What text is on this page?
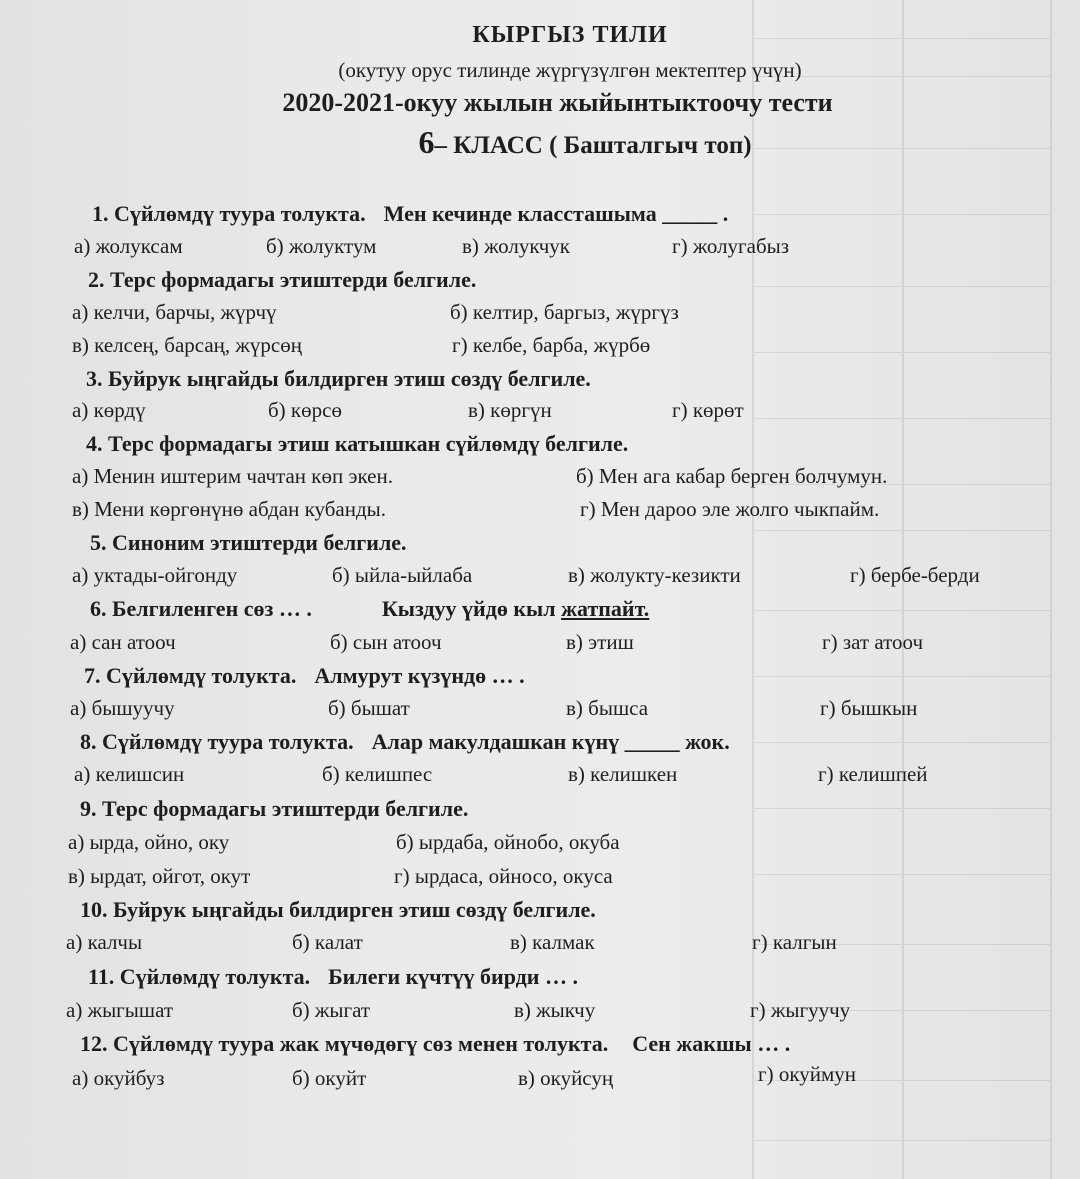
КЫРГЫЗ ТИЛИ
(окутуу орус тилинде жүргүзүлгөн мектептер үчүн)
2020-2021-окуу жылын жыйынтыктоочу тести
6– КЛАСС ( Башталгыч топ)
1. Сүйлөмдү туура толукта. Мен кечинде классташыма _____ .
а) жолуксам	б) жолуктум	в) жолукчук	г) жолугабыз
2. Терс формадагы этиштерди белгиле.
а) келчи, барчы, жүрчү	б) келтир, баргыз, жүргүз
в) келсең, барсаң, жүрсөң	г) келбе, барба, жүрбө
3. Буйрук ыңгайды билдирген этиш сөздү белгиле.
а) көрдү	б) көрсө	в) көргүн	г) көрөт
4. Терс формадагы этиш катышкан сүйлөмдү белгиле.
а) Менин иштерим чачтан көп экен.	б) Мен ага кабар берген болчумун.
в) Мени көргөнүнө абдан кубанды.	г) Мен дароо эле жолго чыкпайм.
5. Синоним этиштерди белгиле.
а) уктады-ойгонду	б) ыйла-ыйлаба	в) жолукту-кезикти	г) бербе-берди
6. Белгиленген сөз … .	Кыздуу үйдө кыл жатпайт.
а) сан атооч	б) сын атооч	в) этиш	г) зат атооч
7. Сүйлөмдү толукта. Алмурут күзүндө … .
а) бышуучу	б) бышат	в) бышса	г) бышкын
8. Сүйлөмдү туура толукта. Алар макулдашкан күнү _____ жок.
а) келишсин	б) келишпес	в) келишкен	г) келишпей
9. Терс формадагы этиштерди белгиле.
а) ырда, ойно, оку	б) ырдаба, ойнобо, окуба
в) ырдат, ойгот, окут	г) ырдаса, ойносо, окуса
10. Буйрук ыңгайды билдирген этиш сөздү белгиле.
а) калчы	б) калат	в) калмак	г) калгын
11. Сүйлөмдү толукта. Билеги күчтүү бирди … .
а) жыгышат	б) жыгат	в) жыкчу	г) жыгуучу
12. Сүйлөмдү туура жак мүчөдөгү сөз менен толукта. Сен жакшы … .
а) окуйбуз	б) окуйт	в) окуйсуң	г) окуймун
